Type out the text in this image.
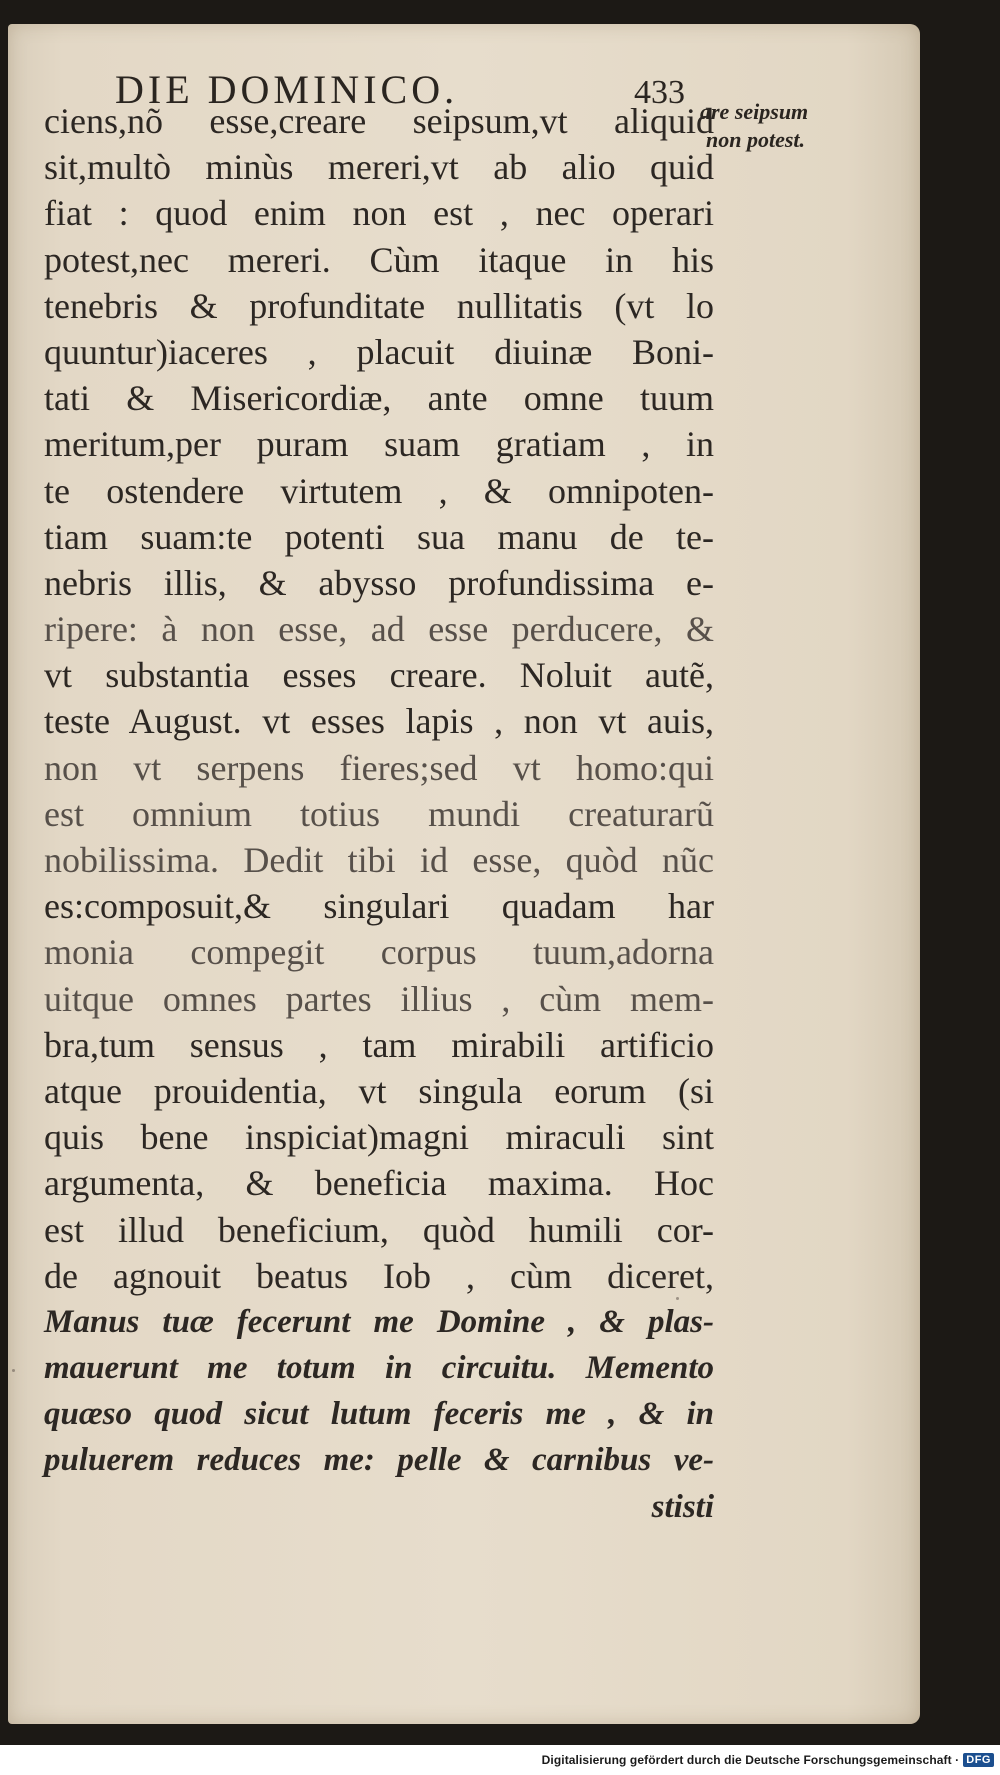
DIE DOMINICO.	433
are seipsum
non potest.
ciens,nõ esse,creare seipsum,vt aliquid
sit,multò minùs mereri,vt ab alio quid
fiat : quod enim non est , nec operari
potest,nec mereri. Cùm itaque in his
tenebris & profunditate nullitatis (vt lo
quuntur)iaceres , placuit diuinæ Boni-
tati & Misericordiæ, ante omne tuum
meritum,per puram suam gratiam , in
te ostendere virtutem , & omnipoten-
tiam suam:te potenti sua manu de te-
nebris illis, & abysso profundissima e-
ripere: à non esse, ad esse perducere, &
vt substantia esses creare. Noluit autẽ,
teste August. vt esses lapis , non vt auis,
non vt serpens fieres;sed vt homo:qui
est omnium totius mundi creaturarũ
nobilissima. Dedit tibi id esse, quòd nũc
es:composuit,& singulari quadam har
monia compegit corpus tuum,adorna
uitque omnes partes illius , cùm mem-
bra,tum sensus , tam mirabili artificio
atque prouidentia, vt singula eorum (si
quis bene inspiciat)magni miraculi sint
argumenta, & beneficia maxima. Hoc
est illud beneficium, quòd humili cor-
de agnouit beatus Iob , cùm diceret,
Manus tuæ fecerunt me Domine , & plas-
mauerunt me totum in circuitu. Memento
quæso quod sicut lutum feceris me , & in
puluerem reduces me: pelle & carnibus ve-
stisti
Digitalisierung gefördert durch die Deutsche Forschungsgemeinschaft · DFG
